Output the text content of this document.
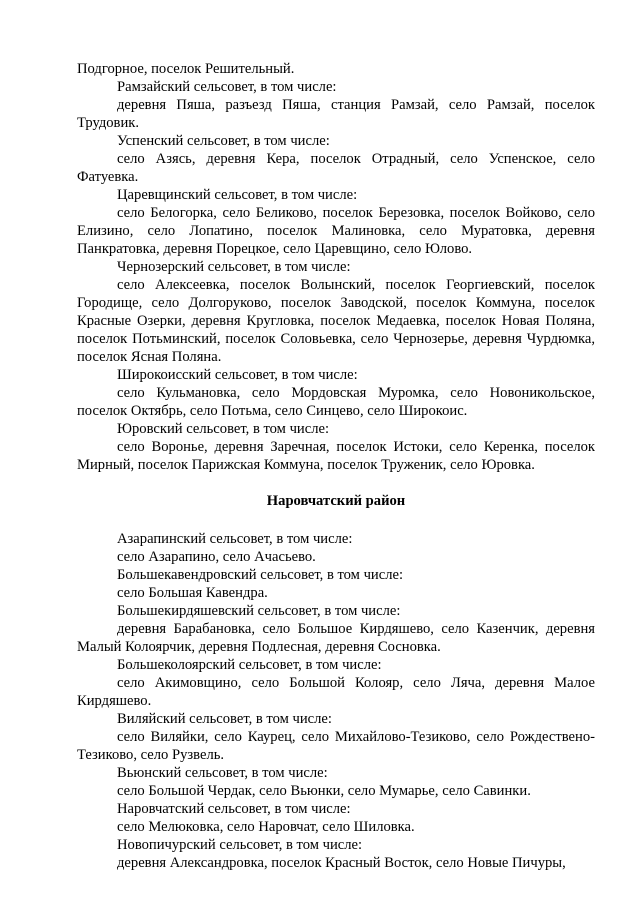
Подгорное, поселок Решительный.

Рамзайский сельсовет, в том числе:

деревня Пяша, разъезд Пяша, станция Рамзай, село Рамзай, поселок Трудовик.

Успенский сельсовет, в том числе:

село Азясь, деревня Кера, поселок Отрадный, село Успенское, село Фатуевка.

Царевщинский сельсовет, в том числе:

село Белогорка, село Беликово, поселок Березовка, поселок Войково, село Елизино, село Лопатино, поселок Малиновка, село Муратовка, деревня Панкратовка, деревня Порецкое, село Царевщино, село Юлово.

Чернозерский сельсовет, в том числе:

село Алексеевка, поселок Волынский, поселок Георгиевский, поселок Городище, село Долгоруково, поселок Заводской, поселок Коммуна, поселок Красные Озерки, деревня Кругловка, поселок Медаевка, поселок Новая Поляна, поселок Потьминский, поселок Соловьевка, село Чернозерье, деревня Чурдюмка, поселок Ясная Поляна.

Широкоисский сельсовет, в том числе:

село Кульмановка, село Мордовская Муромка, село Новоникольское, поселок Октябрь, село Потьма, село Синцево, село Широкоис.

Юровский сельсовет, в том числе:

село Воронье, деревня Заречная, поселок Истоки, село Керенка, поселок Мирный, поселок Парижская Коммуна, поселок Труженик, село Юровка.

Наровчатский район

Азарапинский сельсовет, в том числе:

село Азарапино, село Ачасьево.

Большекавендровский сельсовет, в том числе:

село Большая Кавендра.

Большекирдяшевский сельсовет, в том числе:

деревня Барабановка, село Большое Кирдяшево, село Казенчик, деревня Малый Колоярчик, деревня Подлесная, деревня Сосновка.

Большеколоярский сельсовет, в том числе:

село Акимовщино, село Большой Колояр, село Ляча, деревня Малое Кирдяшево.

Виляйский сельсовет, в том числе:

село Виляйки, село Каурец, село Михайлово-Тезиково, село Рождествено-Тезиково, село Рузвель.

Вьюнский сельсовет, в том числе:

село Большой Чердак, село Вьюнки, село Мумарье, село Савинки.

Наровчатский сельсовет, в том числе:

село Мелюковка, село Наровчат, село Шиловка.

Новопичурский сельсовет, в том числе:

деревня Александровка, поселок Красный Восток, село Новые Пичуры,
